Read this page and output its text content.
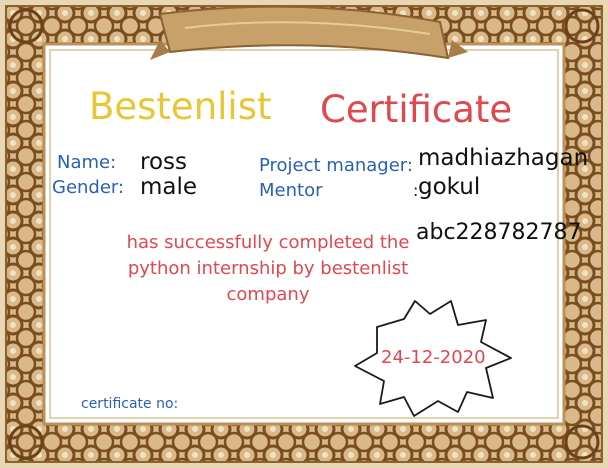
Bestenlist Certificate
Name:
Gender:
ross
male
Project manager:
Mentor	:
madhiazhagan
gokul
abc228782787
has successfully completed the python internship by bestenlist company
24-12-2020
certificate no:
